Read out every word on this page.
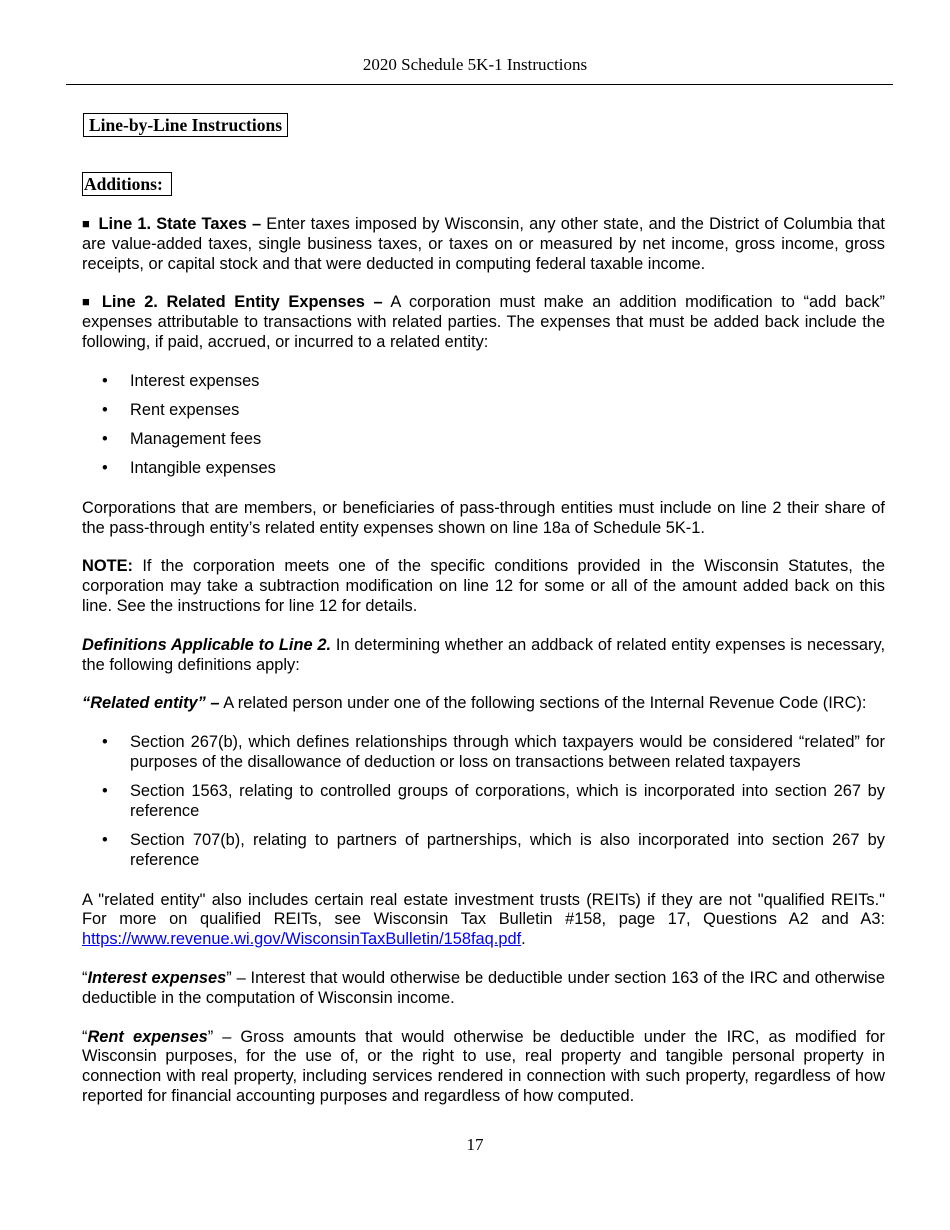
2020 Schedule 5K-1 Instructions
Line-by-Line Instructions
Additions:

■ Line 1. State Taxes – Enter taxes imposed by Wisconsin, any other state, and the District of Columbia that are value-added taxes, single business taxes, or taxes on or measured by net income, gross income, gross receipts, or capital stock and that were deducted in computing federal taxable income.

■ Line 2. Related Entity Expenses – A corporation must make an addition modification to “add back” expenses attributable to transactions with related parties. The expenses that must be added back include the following, if paid, accrued, or incurred to a related entity:

• Interest expenses
• Rent expenses
• Management fees
• Intangible expenses

Corporations that are members, or beneficiaries of pass-through entities must include on line 2 their share of the pass-through entity’s related entity expenses shown on line 18a of Schedule 5K-1.

NOTE: If the corporation meets one of the specific conditions provided in the Wisconsin Statutes, the corporation may take a subtraction modification on line 12 for some or all of the amount added back on this line. See the instructions for line 12 for details.

Definitions Applicable to Line 2. In determining whether an addback of related entity expenses is necessary, the following definitions apply:

“Related entity” – A related person under one of the following sections of the Internal Revenue Code (IRC):

• Section 267(b), which defines relationships through which taxpayers would be considered “related” for purposes of the disallowance of deduction or loss on transactions between related taxpayers
• Section 1563, relating to controlled groups of corporations, which is incorporated into section 267 by reference
• Section 707(b), relating to partners of partnerships, which is also incorporated into section 267 by reference

A "related entity" also includes certain real estate investment trusts (REITs) if they are not "qualified REITs." For more on qualified REITs, see Wisconsin Tax Bulletin #158, page 17, Questions A2 and A3: https://www.revenue.wi.gov/WisconsinTaxBulletin/158faq.pdf.

“Interest expenses” – Interest that would otherwise be deductible under section 163 of the IRC and otherwise deductible in the computation of Wisconsin income.

“Rent expenses” – Gross amounts that would otherwise be deductible under the IRC, as modified for Wisconsin purposes, for the use of, or the right to use, real property and tangible personal property in connection with real property, including services rendered in connection with such property, regardless of how reported for financial accounting purposes and regardless of how computed.

17
